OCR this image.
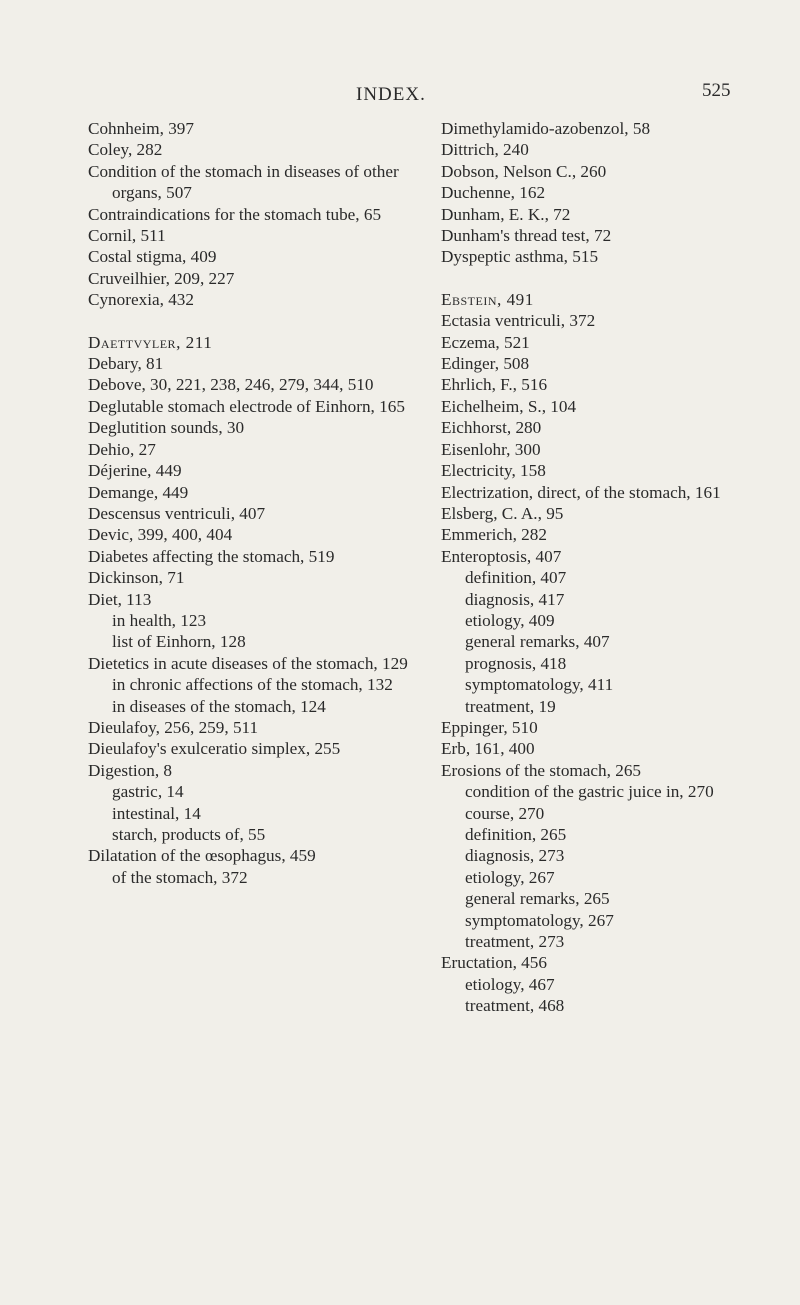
INDEX.	525
Cohnheim, 397
Coley, 282
Condition of the stomach in diseases of other organs, 507
Contraindications for the stomach tube, 65
Cornil, 511
Costal stigma, 409
Cruveilhier, 209, 227
Cynorexia, 432
Daettvyler, 211
Debary, 81
Debove, 30, 221, 238, 246, 279, 344, 510
Deglutable stomach electrode of Einhorn, 165
Deglutition sounds, 30
Dehio, 27
Déjerine, 449
Demange, 449
Descensus ventriculi, 407
Devic, 399, 400, 404
Diabetes affecting the stomach, 519
Dickinson, 71
Diet, 113
in health, 123
list of Einhorn, 128
Dietetics in acute diseases of the stomach, 129
in chronic affections of the stomach, 132
in diseases of the stomach, 124
Dieulafoy, 256, 259, 511
Dieulafoy's exulceratio simplex, 255
Digestion, 8
gastric, 14
intestinal, 14
starch, products of, 55
Dilatation of the œsophagus, 459
of the stomach, 372
Dimethylamido-azobenzol, 58
Dittrich, 240
Dobson, Nelson C., 260
Duchenne, 162
Dunham, E. K., 72
Dunham's thread test, 72
Dyspeptic asthma, 515
Ebstein, 491
Ectasia ventriculi, 372
Eczema, 521
Edinger, 508
Ehrlich, F., 516
Eichelheim, S., 104
Eichhorst, 280
Eisenlohr, 300
Electricity, 158
Electrization, direct, of the stomach, 161
Elsberg, C. A., 95
Emmerich, 282
Enteroptosis, 407
definition, 407
diagnosis, 417
etiology, 409
general remarks, 407
prognosis, 418
symptomatology, 411
treatment, 19
Eppinger, 510
Erb, 161, 400
Erosions of the stomach, 265
condition of the gastric juice in, 270
course, 270
definition, 265
diagnosis, 273
etiology, 267
general remarks, 265
symptomatology, 267
treatment, 273
Eructation, 456
etiology, 467
treatment, 468
